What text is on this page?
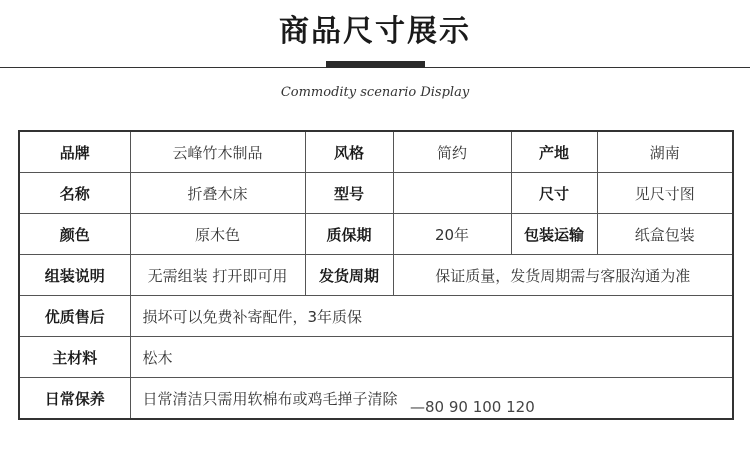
商品尺寸展示
Commodity scenario Display
品牌	云峰竹木制品	风格	简约	产地	湖南
名称	折叠木床	型号		尺寸	见尺寸图
颜色	原木色	质保期	20年	包装运输	纸盒包装
组装说明	无需组装 打开即可用	发货周期	保证质量，发货周期需与客服沟通为准		
优质售后	损坏可以免费补寄配件，3年质保				
主材料	松木				
日常保养	日常清洁只需用软棉布或鸡毛掸子清除				—80 90 100 120
